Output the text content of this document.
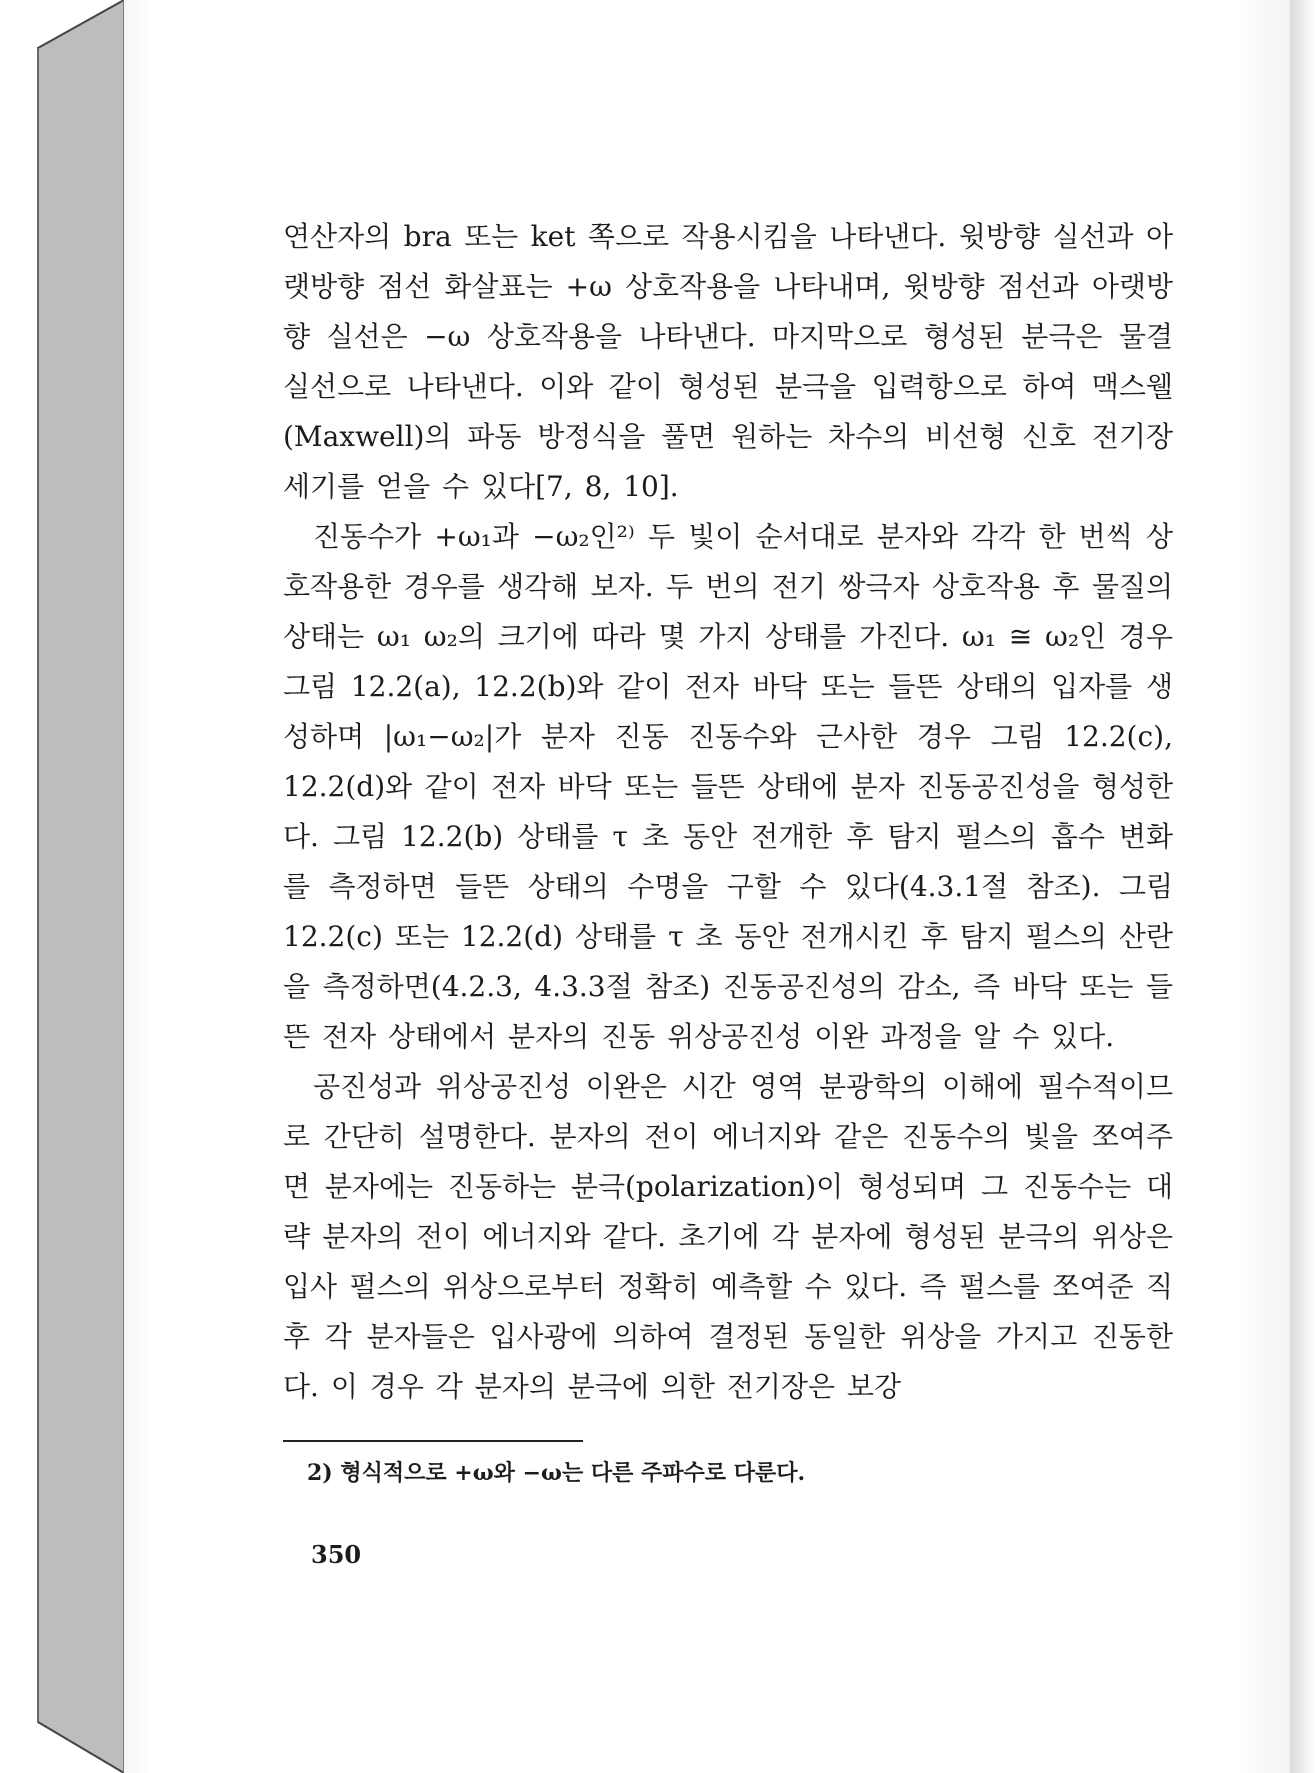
연산자의 bra 또는 ket 쪽으로 작용시킴을 나타낸다. 윗방향 실선과 아랫방향 점선 화살표는 +ω 상호작용을 나타내며, 윗방향 점선과 아랫방향 실선은 −ω 상호작용을 나타낸다. 마지막으로 형성된 분극은 물결 실선으로 나타낸다. 이와 같이 형성된 분극을 입력항으로 하여 맥스웰(Maxwell)의 파동 방정식을 풀면 원하는 차수의 비선형 신호 전기장 세기를 얻을 수 있다[7, 8, 10].

진동수가 +ω₁과 −ω₂인²⁾ 두 빛이 순서대로 분자와 각각 한 번씩 상호작용한 경우를 생각해 보자. 두 번의 전기 쌍극자 상호작용 후 물질의 상태는 ω₁ ω₂의 크기에 따라 몇 가지 상태를 가진다. ω₁ ≅ ω₂인 경우 그림 12.2(a), 12.2(b)와 같이 전자 바닥 또는 들뜬 상태의 입자를 생성하며 |ω₁−ω₂|가 분자 진동 진동수와 근사한 경우 그림 12.2(c), 12.2(d)와 같이 전자 바닥 또는 들뜬 상태에 분자 진동공진성을 형성한다. 그림 12.2(b) 상태를 τ 초 동안 전개한 후 탐지 펄스의 흡수 변화를 측정하면 들뜬 상태의 수명을 구할 수 있다(4.3.1절 참조). 그림 12.2(c) 또는 12.2(d) 상태를 τ 초 동안 전개시킨 후 탐지 펄스의 산란을 측정하면(4.2.3, 4.3.3절 참조) 진동공진성의 감소, 즉 바닥 또는 들뜬 전자 상태에서 분자의 진동 위상공진성 이완 과정을 알 수 있다.

공진성과 위상공진성 이완은 시간 영역 분광학의 이해에 필수적이므로 간단히 설명한다. 분자의 전이 에너지와 같은 진동수의 빛을 쪼여주면 분자에는 진동하는 분극(polarization)이 형성되며 그 진동수는 대략 분자의 전이 에너지와 같다. 초기에 각 분자에 형성된 분극의 위상은 입사 펄스의 위상으로부터 정확히 예측할 수 있다. 즉 펄스를 쪼여준 직후 각 분자들은 입사광에 의하여 결정된 동일한 위상을 가지고 진동한다. 이 경우 각 분자의 분극에 의한 전기장은 보강

2) 형식적으로 +ω와 −ω는 다른 주파수로 다룬다.
350
